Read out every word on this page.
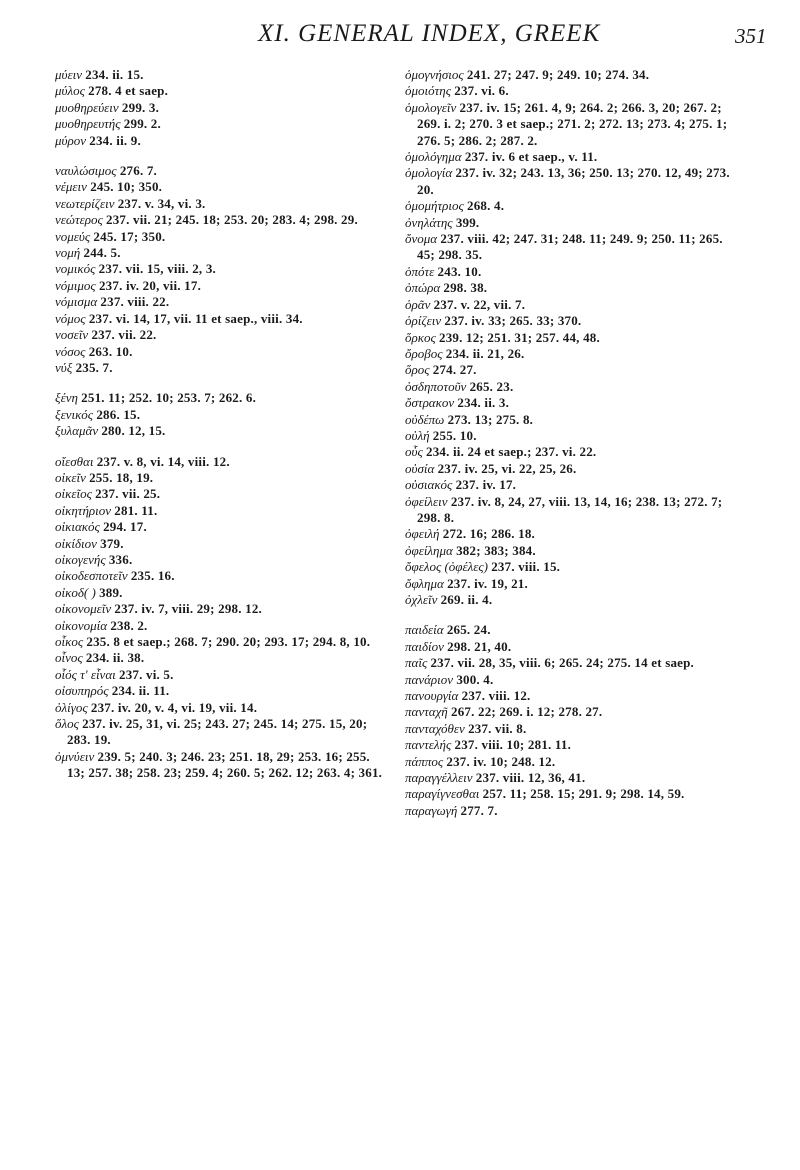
XI. GENERAL INDEX, GREEK	351

μύειν 234. ii. 15.

μύλος 278. 4 et saep.

μυοθηρεύειν 299. 3.

μυοθηρευτής 299. 2.

μύρον 234. ii. 9.

ναυλώσιμος 276. 7.

νέμειν 245. 10; 350.

νεωτερίζειν 237. v. 34, vi. 3.

νεώτερος 237. vii. 21; 245. 18; 253. 20; 283. 4; 298. 29.

νομεύς 245. 17; 350.

νομή 244. 5.

νομικός 237. vii. 15, viii. 2, 3.

νόμιμος 237. iv. 20, vii. 17.

νόμισμα 237. viii. 22.

νόμος 237. vi. 14, 17, vii. 11 et saep., viii. 34.

νοσεῖν 237. vii. 22.

νόσος 263. 10.

νύξ 235. 7.

ξένη 251. 11; 252. 10; 253. 7; 262. 6.

ξενικός 286. 15.

ξυλαμᾶν 280. 12, 15.

οἴεσθαι 237. v. 8, vi. 14, viii. 12.

οἰκεῖν 255. 18, 19.

οἰκεῖος 237. vii. 25.

οἰκητήριον 281. 11.

οἰκιακός 294. 17.

οἰκίδιον 379.

οἰκογενής 336.

οἰκοδεσποτεῖν 235. 16.

οἰκοδ( ) 389.

οἰκονομεῖν 237. iv. 7, viii. 29; 298. 12.

οἰκονομία 238. 2.

οἶκος 235. 8 et saep.; 268. 7; 290. 20; 293. 17; 294. 8, 10.

οἶνος 234. ii. 38.

οἷός τ' εἶναι 237. vi. 5.

οἰσυπηρός 234. ii. 11.

ὀλίγος 237. iv. 20, v. 4, vi. 19, vii. 14.

ὅλος 237. iv. 25, 31, vi. 25; 243. 27; 245. 14; 275. 15, 20; 283. 19.

ὀμνύειν 239. 5; 240. 3; 246. 23; 251. 18, 29; 253. 16; 255. 13; 257. 38; 258. 23; 259. 4; 260. 5; 262. 12; 263. 4; 361.

ὁμογνήσιος 241. 27; 247. 9; 249. 10; 274. 34.

ὁμοιότης 237. vi. 6.

ὁμολογεῖν 237. iv. 15; 261. 4, 9; 264. 2; 266. 3, 20; 267. 2; 269. i. 2; 270. 3 et saep.; 271. 2; 272. 13; 273. 4; 275. 1; 276. 5; 286. 2; 287. 2.

ὁμολόγημα 237. iv. 6 et saep., v. 11.

ὁμολογία 237. iv. 32; 243. 13, 36; 250. 13; 270. 12, 49; 273. 20.

ὁμομήτριος 268. 4.

ὀνηλάτης 399.

ὄνομα 237. viii. 42; 247. 31; 248. 11; 249. 9; 250. 11; 265. 45; 298. 35.

ὁπότε 243. 10.

ὀπώρα 298. 38.

ὁρᾶν 237. v. 22, vii. 7.

ὁρίζειν 237. iv. 33; 265. 33; 370.

ὅρκος 239. 12; 251. 31; 257. 44, 48.

ὄροβος 234. ii. 21, 26.

ὅρος 274. 27.

ὀσδηποτοῦν 265. 23.

ὄστρακον 234. ii. 3.

οὐδέπω 273. 13; 275. 8.

οὐλή 255. 10.

οὖς 234. ii. 24 et saep.; 237. vi. 22.

οὐσία 237. iv. 25, vi. 22, 25, 26.

οὐσιακός 237. iv. 17.

ὀφείλειν 237. iv. 8, 24, 27, viii. 13, 14, 16; 238. 13; 272. 7; 298. 8.

ὀφειλή 272. 16; 286. 18.

ὀφείλημα 382; 383; 384.

ὄφελος (ὀφέλες) 237. viii. 15.

ὄφλημα 237. iv. 19, 21.

ὀχλεῖν 269. ii. 4.

παιδεία 265. 24.

παιδίον 298. 21, 40.

παῖς 237. vii. 28, 35, viii. 6; 265. 24; 275. 14 et saep.

πανάριον 300. 4.

πανουργία 237. viii. 12.

πανταχῆ 267. 22; 269. i. 12; 278. 27.

πανταχόθεν 237. vii. 8.

παντελής 237. viii. 10; 281. 11.

πάππος 237. iv. 10; 248. 12.

παραγγέλλειν 237. viii. 12, 36, 41.

παραγίγνεσθαι 257. 11; 258. 15; 291. 9; 298. 14, 59.

παραγωγή 277. 7.
